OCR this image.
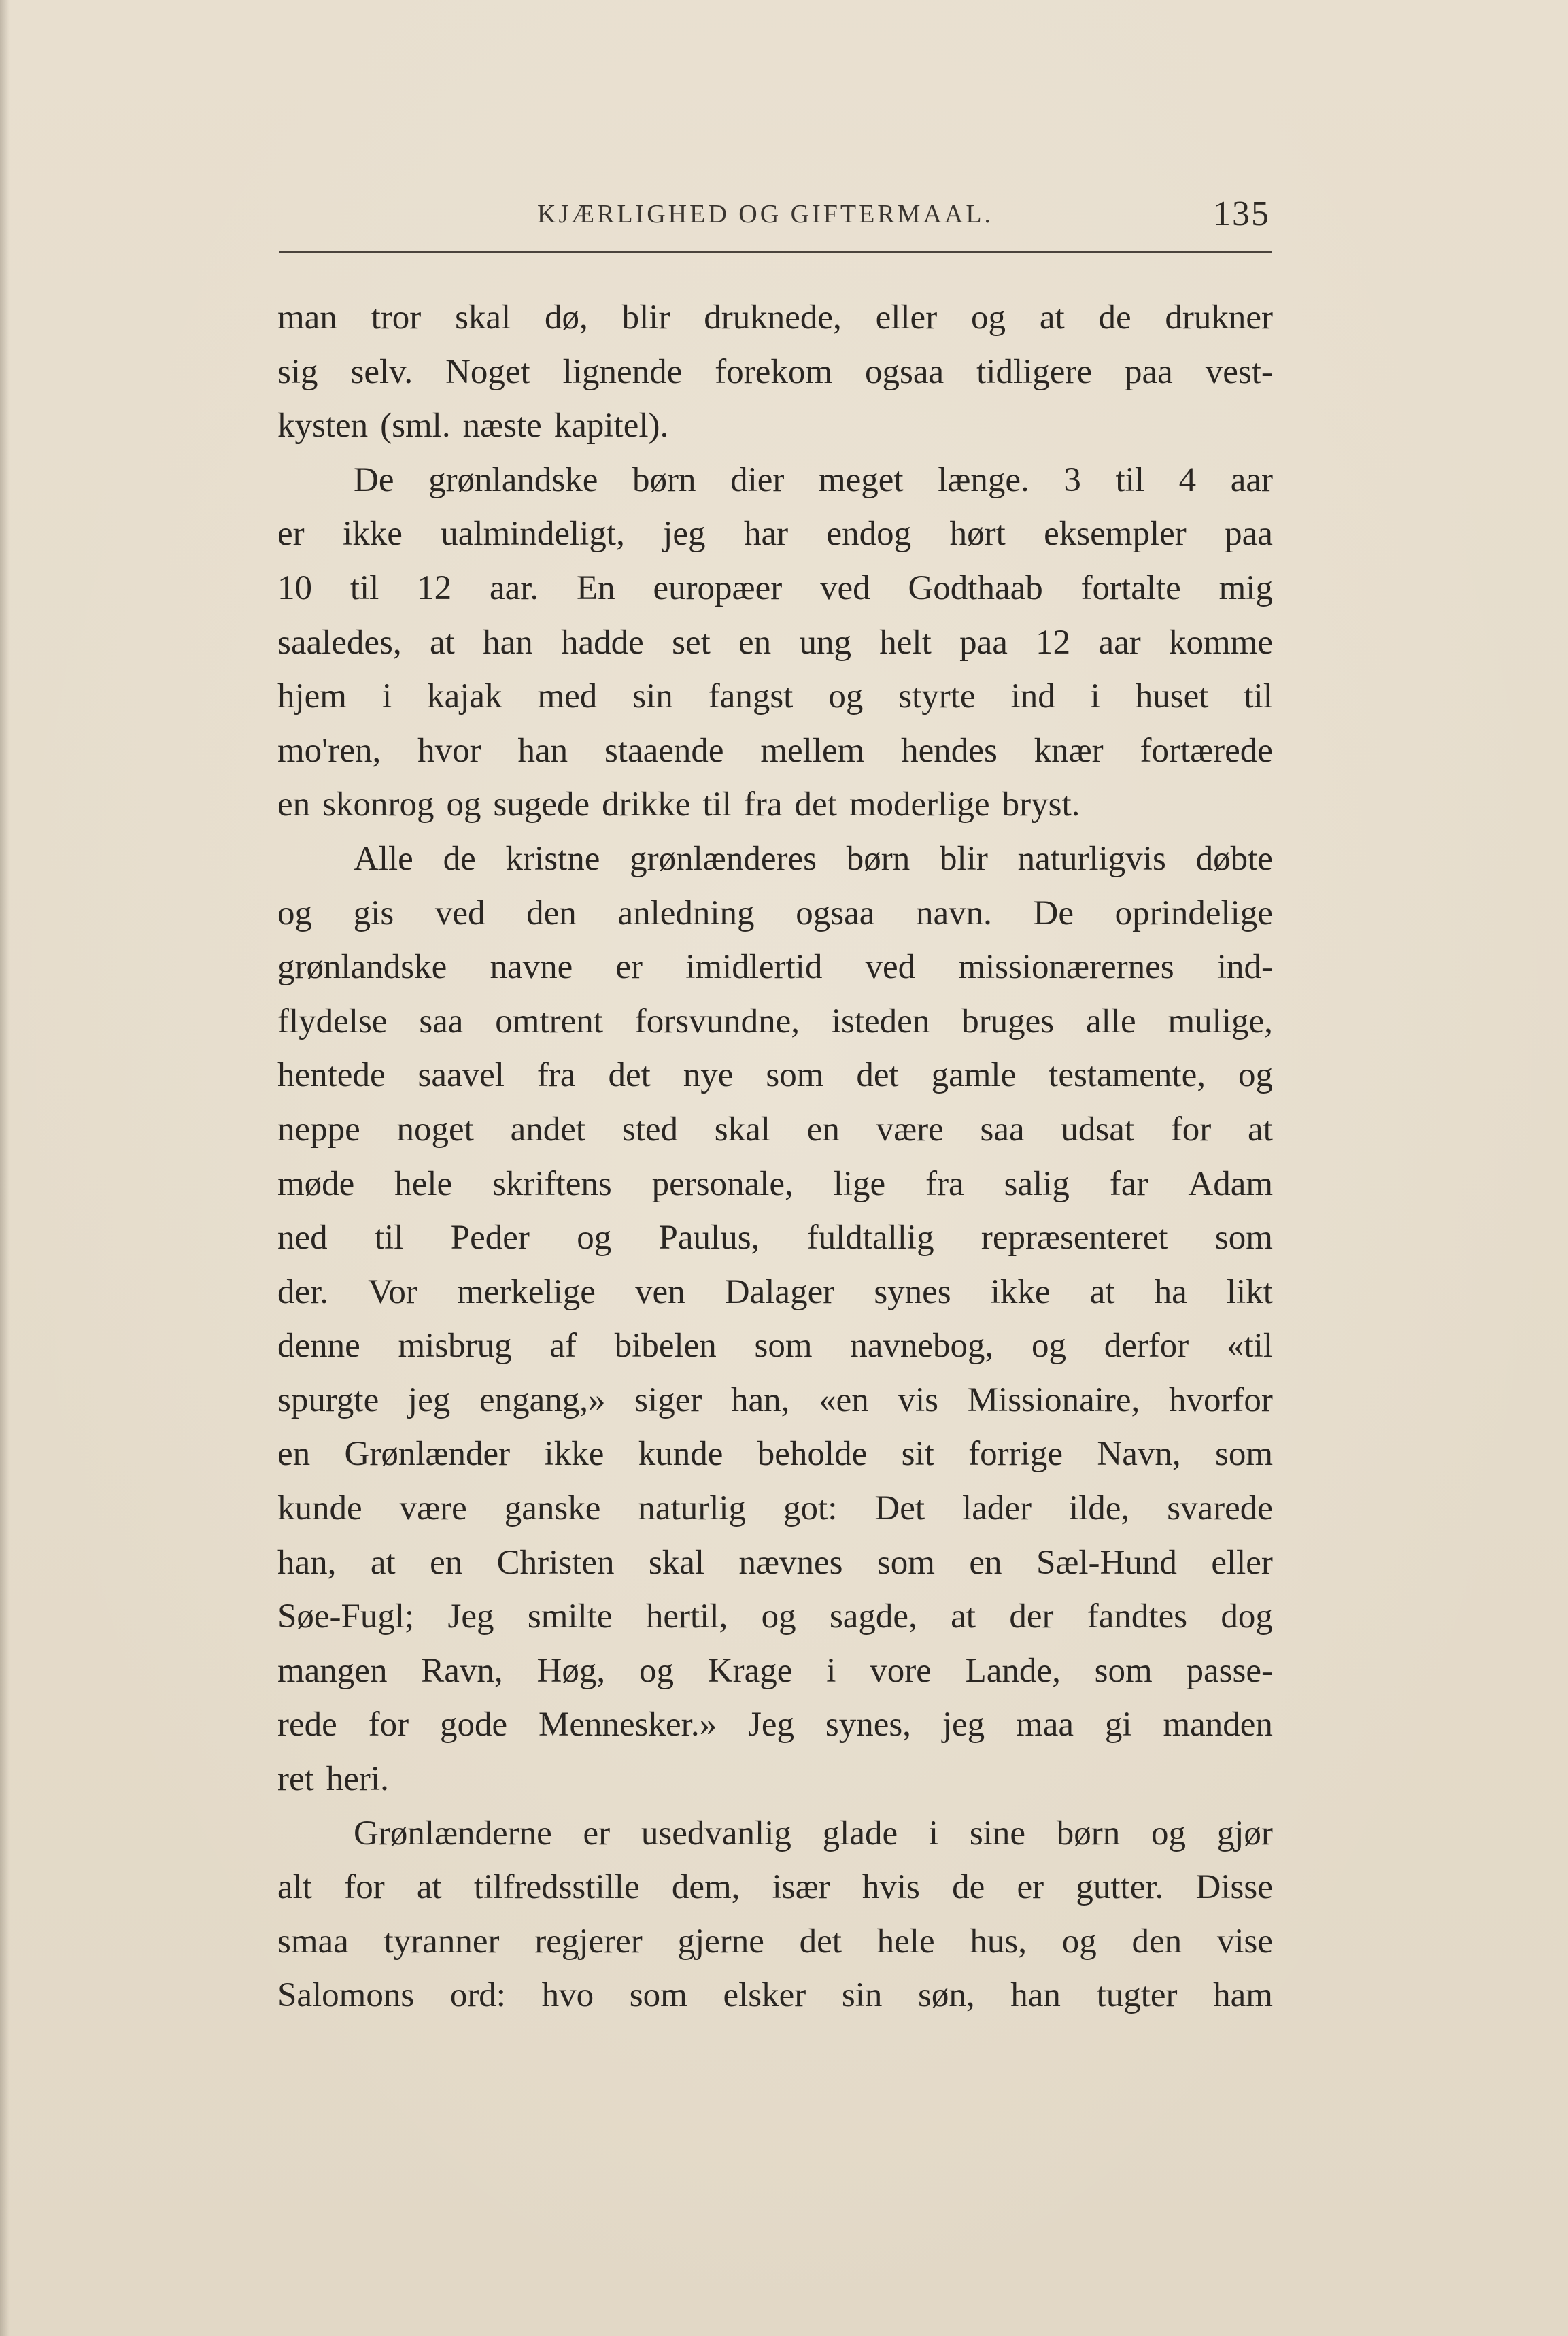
KJÆRLIGHED OG GIFTERMAAL.	135
man tror skal dø, blir druknede, eller og at de drukner
sig selv. Noget lignende forekom ogsaa tidligere paa vest-
kysten (sml. næste kapitel).
De grønlandske børn dier meget længe. 3 til 4 aar
er ikke ualmindeligt, jeg har endog hørt eksempler paa
10 til 12 aar. En europæer ved Godthaab fortalte mig
saaledes, at han hadde set en ung helt paa 12 aar komme
hjem i kajak med sin fangst og styrte ind i huset til
mo'ren, hvor han staaende mellem hendes knær fortærede
en skonrog og sugede drikke til fra det moderlige bryst.
Alle de kristne grønlænderes børn blir naturligvis døbte
og gis ved den anledning ogsaa navn. De oprindelige
grønlandske navne er imidlertid ved missionærernes ind-
flydelse saa omtrent forsvundne, isteden bruges alle mulige,
hentede saavel fra det nye som det gamle testamente, og
neppe noget andet sted skal en være saa udsat for at
møde hele skriftens personale, lige fra salig far Adam
ned til Peder og Paulus, fuldtallig repræsenteret som
der. Vor merkelige ven Dalager synes ikke at ha likt
denne misbrug af bibelen som navnebog, og derfor «til
spurgte jeg engang,» siger han, «en vis Missionaire, hvorfor
en Grønlænder ikke kunde beholde sit forrige Navn, som
kunde være ganske naturlig got: Det lader ilde, svarede
han, at en Christen skal nævnes som en Sæl-Hund eller
Søe-Fugl; Jeg smilte hertil, og sagde, at der fandtes dog
mangen Ravn, Høg, og Krage i vore Lande, som passe-
rede for gode Mennesker.» Jeg synes, jeg maa gi manden
ret heri.
Grønlænderne er usedvanlig glade i sine børn og gjør
alt for at tilfredsstille dem, især hvis de er gutter. Disse
smaa tyranner regjerer gjerne det hele hus, og den vise
Salomons ord: hvo som elsker sin søn, han tugter ham
